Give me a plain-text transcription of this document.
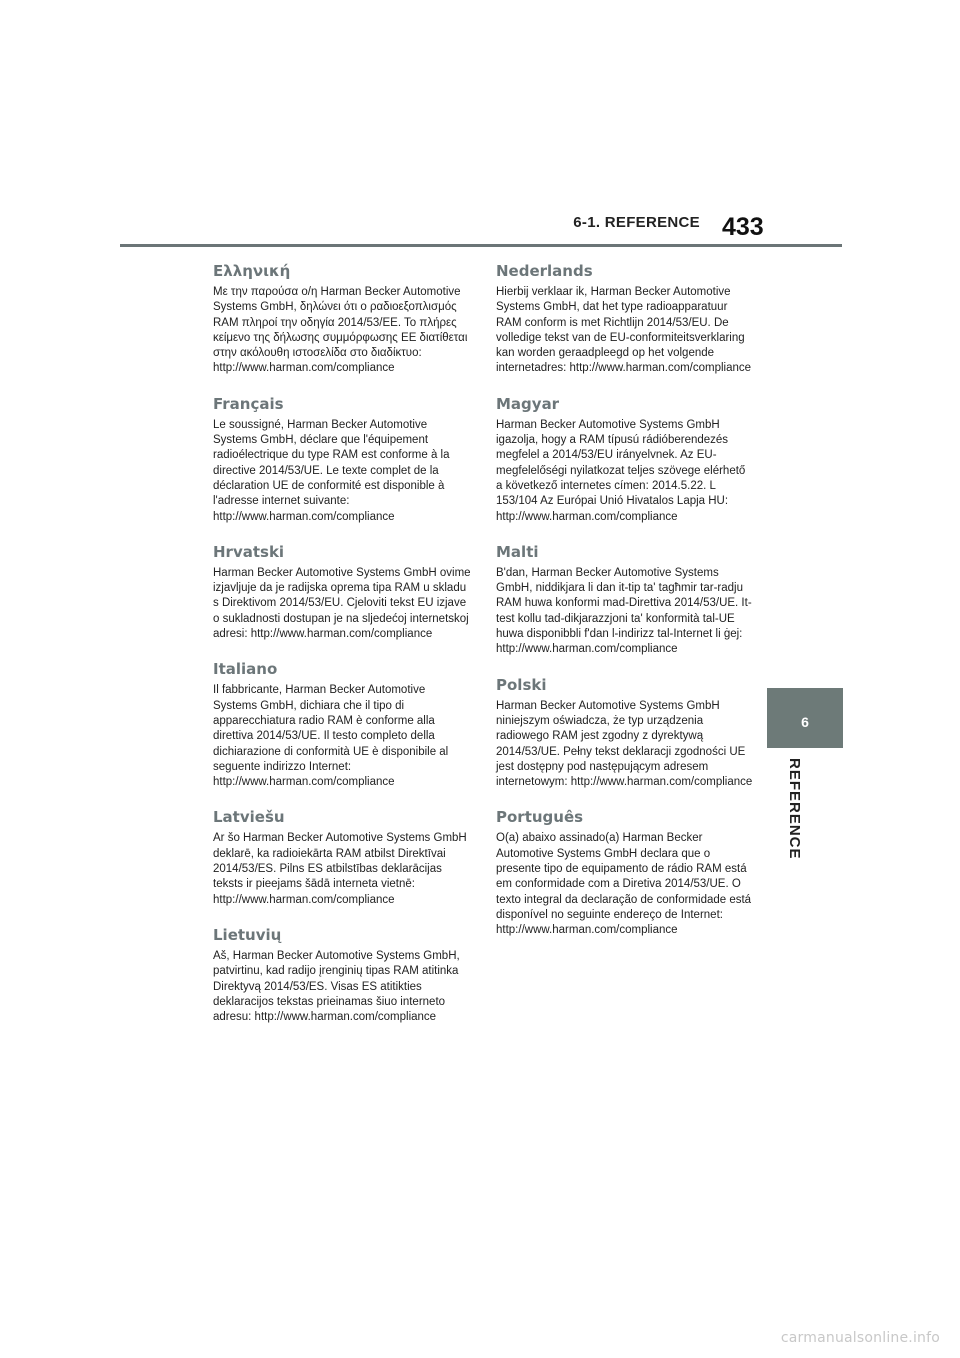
6-1. REFERENCE 433
Ελληνική

Με την παρούσα ο/η Harman Becker Automotive Systems GmbH, δηλώνει ότι ο ραδιοεξοπλισμός RAM πληροί την οδηγία 2014/53/ΕΕ. Το πλήρες κείμενο της δήλωσης συμμόρφωσης ΕΕ διατίθεται στην ακόλουθη ιστοσελίδα στο διαδίκτυο: http://www.harman.com/compliance

Français

Le soussigné, Harman Becker Automotive Systems GmbH, déclare que l'équipement radioélectrique du type RAM est conforme à la directive 2014/53/UE. Le texte complet de la déclaration UE de conformité est disponible à l'adresse internet suivante: http://www.harman.com/compliance

Hrvatski

Harman Becker Automotive Systems GmbH ovime izjavljuje da je radijska oprema tipa RAM u skladu s Direktivom 2014/53/EU. Cjeloviti tekst EU izjave o sukladnosti dostupan je na sljedećoj internetskoj adresi: http://www.harman.com/compliance

Italiano

Il fabbricante, Harman Becker Automotive Systems GmbH, dichiara che il tipo di apparecchiatura radio RAM è conforme alla direttiva 2014/53/UE. Il testo completo della dichiarazione di conformità UE è disponibile al seguente indirizzo Internet: http://www.harman.com/compliance

Latviešu

Ar šo Harman Becker Automotive Systems GmbH deklarē, ka radioiekārta RAM atbilst Direktīvai 2014/53/ES. Pilns ES atbilstības deklarācijas teksts ir pieejams šādā interneta vietnē: http://www.harman.com/compliance

Lietuvių

Aš, Harman Becker Automotive Systems GmbH, patvirtinu, kad radijo įrenginių tipas RAM atitinka Direktyvą 2014/53/ES. Visas ES atitikties deklaracijos tekstas prieinamas šiuo interneto adresu: http://www.harman.com/compliance

Nederlands

Hierbij verklaar ik, Harman Becker Automotive Systems GmbH, dat het type radioapparatuur RAM conform is met Richtlijn 2014/53/EU. De volledige tekst van de EU-conformiteitsverklaring kan worden geraadpleegd op het volgende internetadres: http://www.harman.com/compliance

Magyar

Harman Becker Automotive Systems GmbH igazolja, hogy a RAM típusú rádióberendezés megfelel a 2014/53/EU irányelvnek. Az EU-megfelelőségi nyilatkozat teljes szövege elérhető a következő internetes címen: 2014.5.22. L 153/104 Az Európai Unió Hivatalos Lapja HU: http://www.harman.com/compliance

Malti

B'dan, Harman Becker Automotive Systems GmbH, niddikjara li dan it-tip ta' tagħmir tar-radju RAM huwa konformi mad-Direttiva 2014/53/UE. It-test kollu tad-dikjarazzjoni ta' konformità tal-UE huwa disponibbli f'dan l-indirizz tal-Internet li ġej: http://www.harman.com/compliance

Polski

Harman Becker Automotive Systems GmbH niniejszym oświadcza, że typ urządzenia radiowego RAM jest zgodny z dyrektywą 2014/53/UE. Pełny tekst deklaracji zgodności UE jest dostępny pod następującym adresem internetowym: http://www.harman.com/compliance

Português

O(a) abaixo assinado(a) Harman Becker Automotive Systems GmbH declara que o presente tipo de equipamento de rádio RAM está em conformidade com a Diretiva 2014/53/UE. O texto integral da declaração de conformidade está disponível no seguinte endereço de Internet: http://www.harman.com/compliance

6
REFERENCE
carmanualsonline.info
